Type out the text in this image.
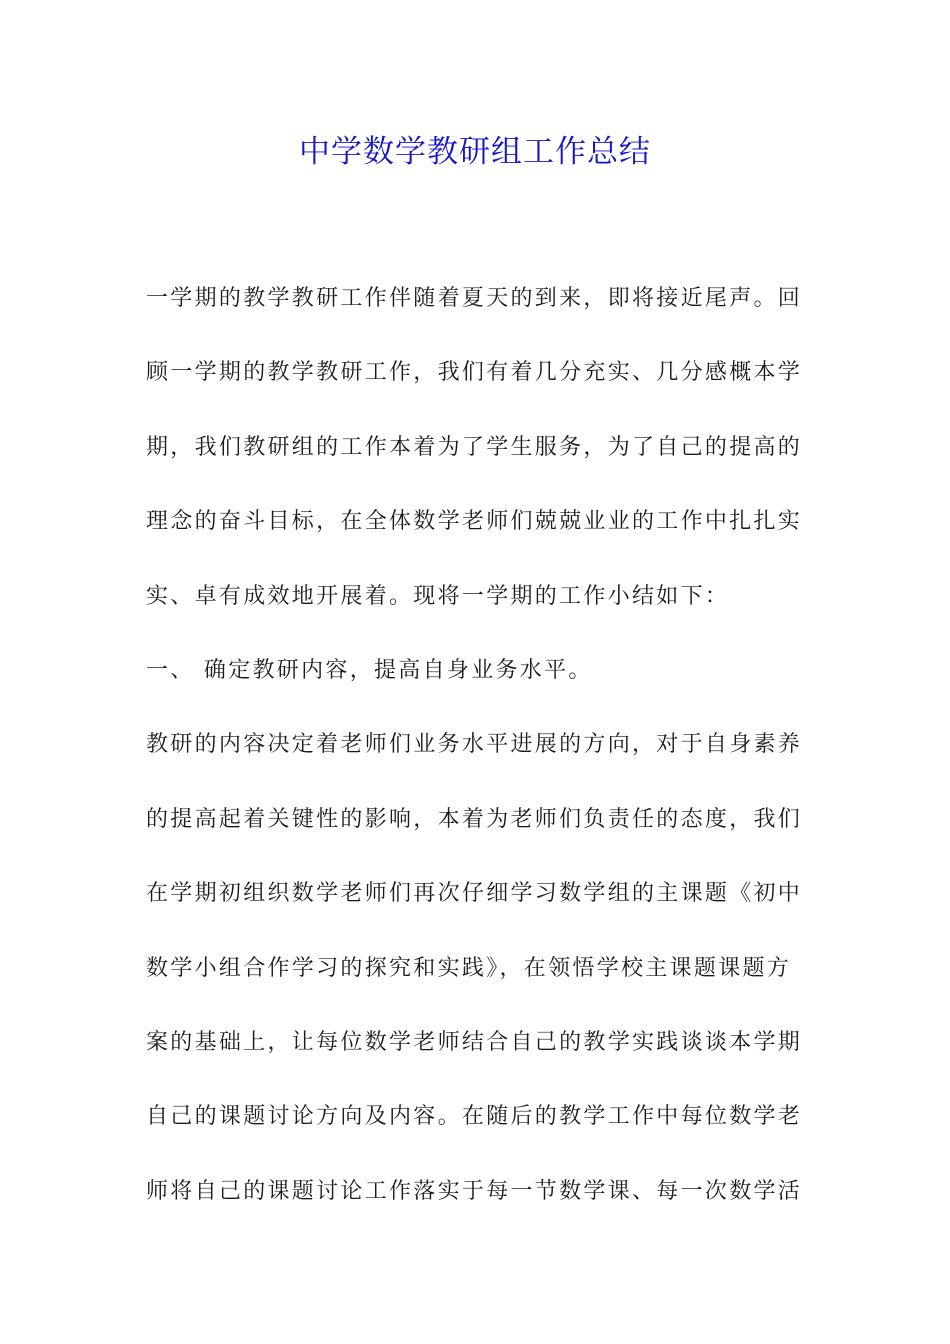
中学数学教研组工作总结
一学期的教学教研工作伴随着夏天的到来，即将接近尾声。回
顾一学期的教学教研工作，我们有着几分充实、几分感概本学
期，我们教研组的工作本着为了学生服务，为了自己的提高的
理念的奋斗目标，在全体数学老师们兢兢业业的工作中扎扎实
实、卓有成效地开展着。现将一学期的工作小结如下：
一、 确定教研内容，提高自身业务水平。
教研的内容决定着老师们业务水平进展的方向，对于自身素养
的提高起着关键性的影响，本着为老师们负责任的态度，我们
在学期初组织数学老师们再次仔细学习数学组的主课题《初中
数学小组合作学习的探究和实践》，在领悟学校主课题课题方
案的基础上，让每位数学老师结合自己的教学实践谈谈本学期
自己的课题讨论方向及内容。在随后的教学工作中每位数学老
师将自己的课题讨论工作落实于每一节数学课、每一次数学活
